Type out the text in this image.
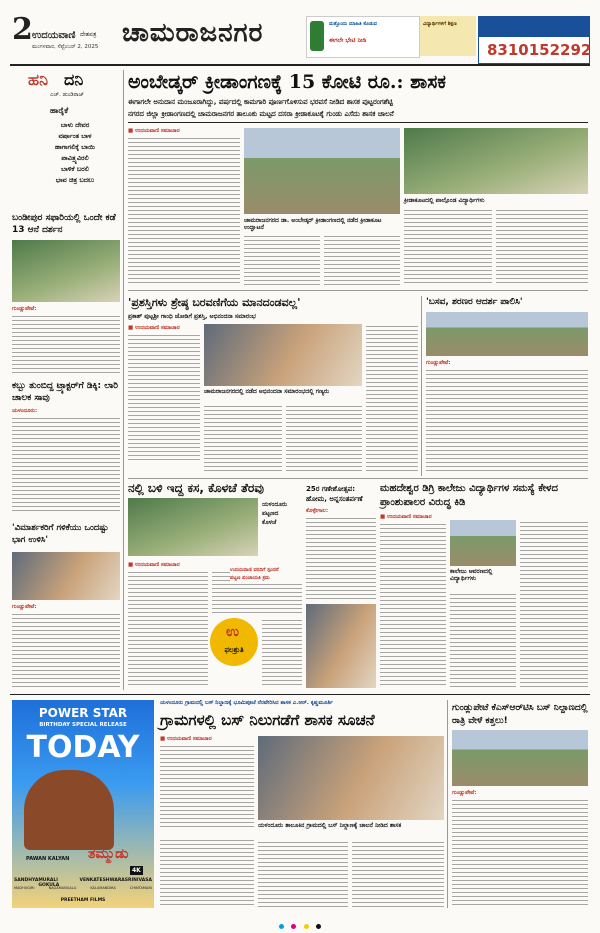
2 ಉದಯವಾಣಿ ದೇಶಪತ್ರ
ಮಂಗಳವಾರ, ಸೆಪ್ಟೆಂಬರ್ 2, 2025 ಚಾಮರಾಜನಗರ	ಮತ್ತೊಂದು ಮಾಹಿತಿ ಕೊಡುವ
ಈಗಲೇ ಭೇಟಿ ನೀಡಿ
ವಿದ್ಯಾರ್ಥಿಗಳಿಗೆ ಶಿಕ್ಷಣ
8310152292
ಹನಿ ದನಿ
ಎಚ್. ಡುಂಡಿರಾಜ್
ಹಾರೈಕೆ
ಬಾಳು ದೇವರ
ವರ್ಷಾಂತ ಬಾಳ
ಹಾಗಾಗಲಿಕ್ಕೆ ಬಾಯಿ
ಪಾವಿತ್ರ್ಯವಿರಲಿ
ಬಾಳಿಕೆ ಬರಲಿ
ಭಾವ ಚಿತ್ರ ಬದಲು
ಬಂಡೀಪುರ ಸಫಾರಿಯಲ್ಲಿ ಒಂದೇ ಕಡೆ 13 ಆನೆ ದರ್ಶನ
ಗುಂಡ್ಲುಪೇಟೆ:
ಕಬ್ಬು ತುಂಬಿದ್ದ ಟ್ರ್ಯಾಕ್ಟರ್‌ಗೆ ಡಿಕ್ಕಿ: ಲಾರಿ ಚಾಲಕ ಸಾವು
ಯಳಂದೂರು:
'ವಿಮಾರ್ಶಕರಿಗೆ ಗಳಿಕೆಯು ಒಂದಷ್ಟು ಭಾಗ ಉಳಿಸಿ'
ಗುಂಡ್ಲುಪೇಟೆ:
ಅಂಬೇಡ್ಕರ್ ಕ್ರೀಡಾಂಗಣಕ್ಕೆ 15 ಕೋಟಿ ರೂ.: ಶಾಸಕ
ಈಗಾಗಲೇ ಅನುದಾನ ಮಂಜೂರಾಗಿದ್ದು, ವರ್ಷದಲ್ಲಿ ಕಾಮಗಾರಿ ಪೂರ್ಣಗೊಳಿಸುವ ಭರವಸೆ ನೀಡಿದ ಶಾಸಕ ಪುಟ್ಟರಂಗಶೆಟ್ಟಿ
ನಗರದ ಜಿಲ್ಲಾ ಕ್ರೀಡಾಂಗಣದಲ್ಲಿ ಚಾಮರಾಜನಗರ ತಾಲೂಕು ಮಟ್ಟದ ದಸರಾ ಕ್ರೀಡಾಕೂಟಕ್ಕೆ ಗುಂಡು ಎಸೆದು ಶಾಸಕ ಚಾಲನೆ
■ ಉದಯವಾಣಿ ಸಮಾಚಾರ
ಚಾಮರಾಜನಗರದ ಡಾ. ಅಂಬೇಡ್ಕರ್ ಕ್ರೀಡಾಂಗಣದಲ್ಲಿ ನಡೆದ ಕ್ರೀಡಾಕೂಟ ಉದ್ಘಾಟನೆ
ಕ್ರೀಡಾಕೂಟದಲ್ಲಿ ಪಾಲ್ಗೊಂಡ ವಿದ್ಯಾರ್ಥಿಗಳು
'ಪ್ರಶಸ್ತಿಗಳು ಶ್ರೇಷ್ಠ ಬರವಣಿಗೆಯ ಮಾನದಂಡವಲ್ಲ'
ಪ್ರಕಾಶ್ ಪುಟ್ಟಶ್ರೀ ಗಾಂಧಿ ಜೋಡಿಗೆ ಪ್ರಶಸ್ತಿ, ಅಭಿನಂದನಾ ಸಮಾರಂಭ
■ ಉದಯವಾಣಿ ಸಮಾಚಾರ
ಚಾಮರಾಜನಗರದಲ್ಲಿ ನಡೆದ ಅಭಿನಂದನಾ ಸಮಾರಂಭದಲ್ಲಿ ಗಣ್ಯರು
'ಬಸವ, ಶರಣರ ಆದರ್ಶ ಪಾಲಿಸಿ'
ಗುಂಡ್ಲುಪೇಟೆ:
ನಲ್ಲಿ ಬಳಿ ಇದ್ದ ಕಸ, ಕೊಳಚೆ ತೆರವು
ಯಳಂದೂರು
ಪಟ್ಟಣದ
ಕೊಳಚೆ
■ ಉದಯವಾಣಿ ಸಮಾಚಾರ
ಉದಯವಾಣಿ ವರದಿಗೆ ಸ್ಪಂದನೆ
ಪಟ್ಟಣ ಪಂಚಾಯತಿ ಕ್ರಮ
ಉ
ಫಲಶ್ರುತಿ
25ರ ಗಣೇಶೋತ್ಸವ: ಹೋಮ, ಅನ್ನಸಂತರ್ಪಣೆ
ಕೊಳ್ಳೇಗಾಲ:
ಮಹದೇಶ್ವರ ಡಿಗ್ರಿ ಕಾಲೇಜು ವಿದ್ಯಾರ್ಥಿಗಳ ಸಮಸ್ಯೆ ಕೇಳದ ಪ್ರಾಂಶುಪಾಲರ ವಿರುದ್ಧ ಕಿಡಿ
■ ಉದಯವಾಣಿ ಸಮಾಚಾರ
ಕಾಲೇಜು ಆವರಣದಲ್ಲಿ ವಿದ್ಯಾರ್ಥಿಗಳು
POWER STAR
BIRTHDAY SPECIAL RELEASE
TODAY
PAWAN KALYAN ತಮ್ಮುಡು
4K
SANDHYA MURALI GOKULA
VENKATESHWARA SRINIVASA
MADHUGIRI	NAGAMANGALA	KALAMANDIRA	CHINTAMANI
PREETHAM FILMS
ಯಳಂದೂರು ಗ್ರಾಮದಲ್ಲಿ ಬಸ್ ನಿಲ್ದಾಣಕ್ಕೆ ಭೂಮಿಪೂಜೆ ನೆರವೇರಿಸಿದ ಶಾಸಕ ಎ.ಆರ್. ಕೃಷ್ಣಮೂರ್ತಿ
ಗ್ರಾಮಗಳಲ್ಲಿ ಬಸ್ ನಿಲುಗಡೆಗೆ ಶಾಸಕ ಸೂಚನೆ
■ ಉದಯವಾಣಿ ಸಮಾಚಾರ
ಯಳಂದೂರು ತಾಲೂಕಿನ ಗ್ರಾಮದಲ್ಲಿ ಬಸ್ ನಿಲ್ದಾಣಕ್ಕೆ ಚಾಲನೆ ನೀಡಿದ ಶಾಸಕ
ಗುಂಡ್ಲುಪೇಟೆ ಕೆಎಸ್ಆರ್‌ಟಿಸಿ ಬಸ್ ನಿಲ್ದಾಣದಲ್ಲಿ ರಾತ್ರಿ ವೇಳೆ ಕತ್ತಲು!
ಗುಂಡ್ಲುಪೇಟೆ:
